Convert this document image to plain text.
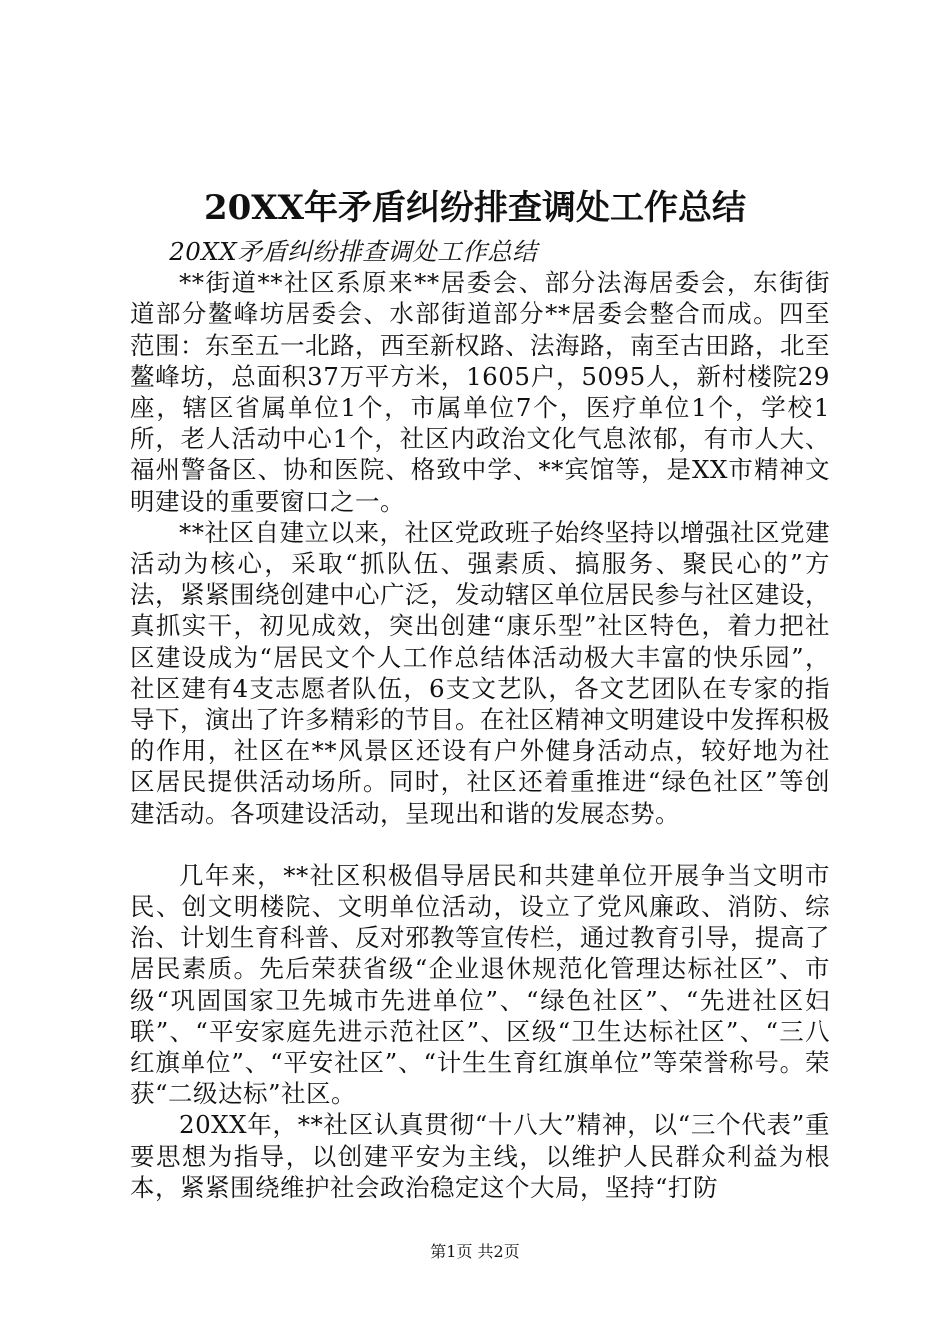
20XX年矛盾纠纷排查调处工作总结

20XX矛盾纠纷排查调处工作总结

**街道**社区系原来**居委会、部分法海居委会，东街街道部分鳌峰坊居委会、水部街道部分**居委会整合而成。四至范围：东至五一北路，西至新权路、法海路，南至古田路，北至鳌峰坊，总面积37万平方米，1605户，5095人，新村楼院29座，辖区省属单位1个，市属单位7个，医疗单位1个，学校1所，老人活动中心1个，社区内政治文化气息浓郁，有市人大、福州警备区、协和医院、格致中学、**宾馆等，是XX市精神文明建设的重要窗口之一。

**社区自建立以来，社区党政班子始终坚持以增强社区党建活动为核心，采取“抓队伍、强素质、搞服务、聚民心的”方法，紧紧围绕创建中心广泛，发动辖区单位居民参与社区建设，真抓实干，初见成效，突出创建“康乐型”社区特色，着力把社区建设成为“居民文个人工作总结体活动极大丰富的快乐园”，社区建有4支志愿者队伍，6支文艺队，各文艺团队在专家的指导下，演出了许多精彩的节目。在社区精神文明建设中发挥积极的作用，社区在**风景区还设有户外健身活动点，较好地为社区居民提供活动场所。同时，社区还着重推进“绿色社区”等创建活动。各项建设活动，呈现出和谐的发展态势。

几年来，**社区积极倡导居民和共建单位开展争当文明市民、创文明楼院、文明单位活动，设立了党风廉政、消防、综治、计划生育科普、反对邪教等宣传栏，通过教育引导，提高了居民素质。先后荣获省级“企业退休规范化管理达标社区”、市级“巩固国家卫先城市先进单位”、“绿色社区”、“先进社区妇联”、“平安家庭先进示范社区”、区级“卫生达标社区”、“三八红旗单位”、“平安社区”、“计生生育红旗单位”等荣誉称号。荣获“二级达标”社区。

20XX年，**社区认真贯彻“十八大”精神，以“三个代表”重要思想为指导，以创建平安为主线，以维护人民群众利益为根本，紧紧围绕维护社会政治稳定这个大局，坚持“打防

第1页 共2页
